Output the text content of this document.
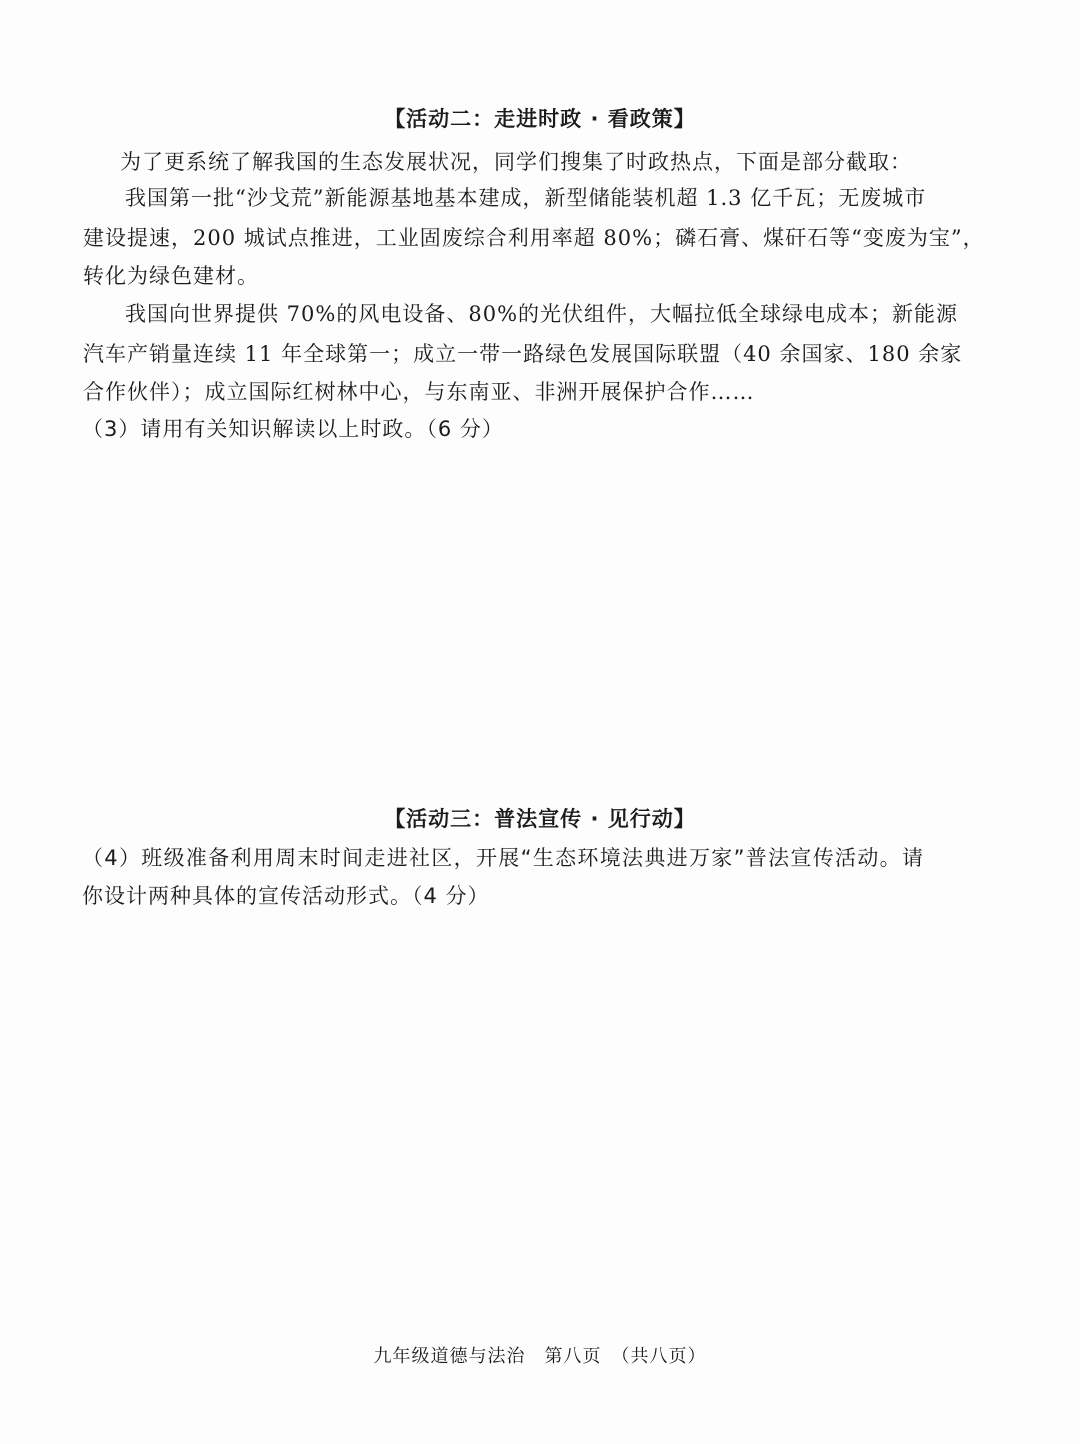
【活动二：走进时政 · 看政策】
为了更系统了解我国的生态发展状况，同学们搜集了时政热点，下面是部分截取：
我国第一批“沙戈荒”新能源基地基本建成，新型储能装机超 1.3 亿千瓦；无废城市
建设提速，200 城试点推进，工业固废综合利用率超 80%；磷石膏、煤矸石等“变废为宝”，
转化为绿色建材。
我国向世界提供 70%的风电设备、80%的光伏组件，大幅拉低全球绿电成本；新能源
汽车产销量连续 11 年全球第一；成立一带一路绿色发展国际联盟（40 余国家、180 余家
合作伙伴）；成立国际红树林中心，与东南亚、非洲开展保护合作……
（3）请用有关知识解读以上时政。（6 分）
【活动三：普法宣传 · 见行动】
（4）班级准备利用周末时间走进社区，开展“生态环境法典进万家”普法宣传活动。请
你设计两种具体的宣传活动形式。（4 分）
九年级道德与法治　第八页　（共八页）
